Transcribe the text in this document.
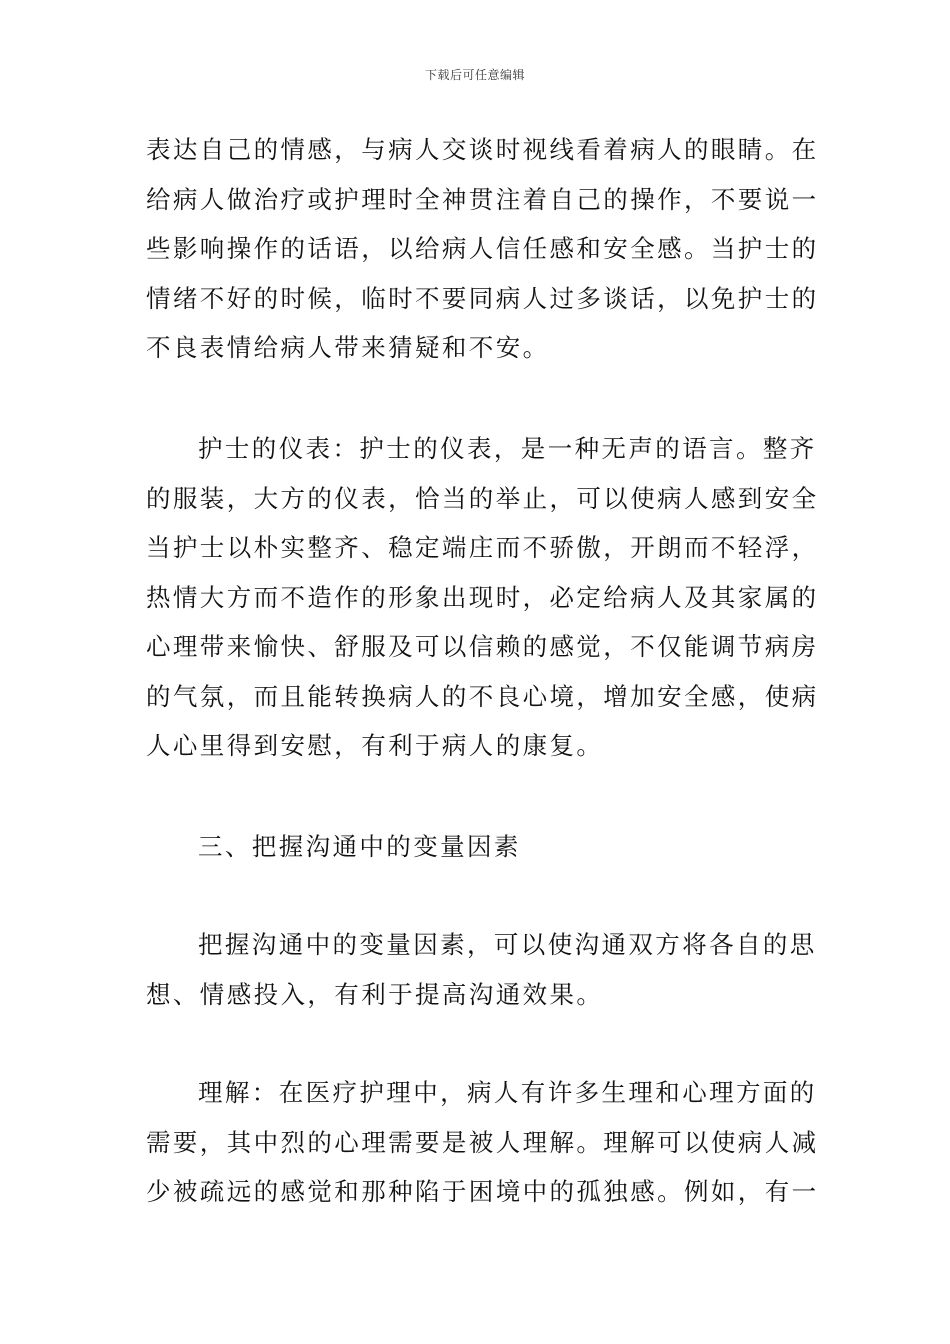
下载后可任意编辑
表达自己的情感，与病人交谈时视线看着病人的眼睛。在
给病人做治疗或护理时全神贯注着自己的操作，不要说一
些影响操作的话语，以给病人信任感和安全感。当护士的
情绪不好的时候，临时不要同病人过多谈话，以免护士的
不良表情给病人带来猜疑和不安。
护士的仪表：护士的仪表，是一种无声的语言。整齐
的服装，大方的仪表，恰当的举止，可以使病人感到安全
当护士以朴实整齐、稳定端庄而不骄傲，开朗而不轻浮，
热情大方而不造作的形象出现时，必定给病人及其家属的
心理带来愉快、舒服及可以信赖的感觉，不仅能调节病房
的气氛，而且能转换病人的不良心境，增加安全感，使病
人心里得到安慰，有利于病人的康复。
三、把握沟通中的变量因素
把握沟通中的变量因素，可以使沟通双方将各自的思
想、情感投入，有利于提高沟通效果。
理解：在医疗护理中，病人有许多生理和心理方面的
需要，其中烈的心理需要是被人理解。理解可以使病人减
少被疏远的感觉和那种陷于困境中的孤独感。例如，有一
